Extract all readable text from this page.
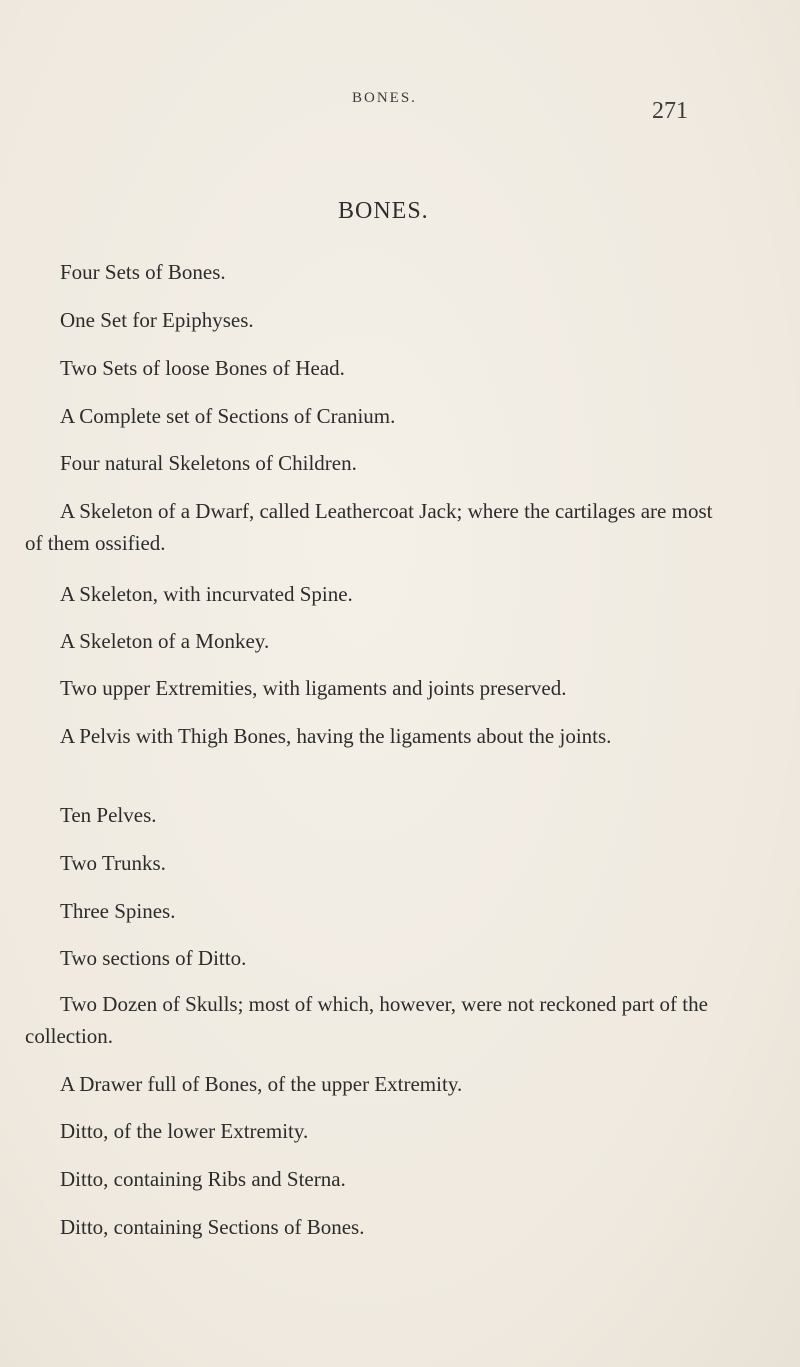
BONES.	271
BONES.
Four Sets of Bones.
One Set for Epiphyses.
Two Sets of loose Bones of Head.
A Complete set of Sections of Cranium.
Four natural Skeletons of Children.
A Skeleton of a Dwarf, called Leathercoat Jack; where the cartilages are most of them ossified.
A Skeleton, with incurvated Spine.
A Skeleton of a Monkey.
Two upper Extremities, with ligaments and joints preserved.
A Pelvis with Thigh Bones, having the ligaments about the joints.
Ten Pelves.
Two Trunks.
Three Spines.
Two sections of Ditto.
Two Dozen of Skulls; most of which, however, were not reckoned part of the collection.
A Drawer full of Bones, of the upper Extremity.
Ditto, of the lower Extremity.
Ditto, containing Ribs and Sterna.
Ditto, containing Sections of Bones.
